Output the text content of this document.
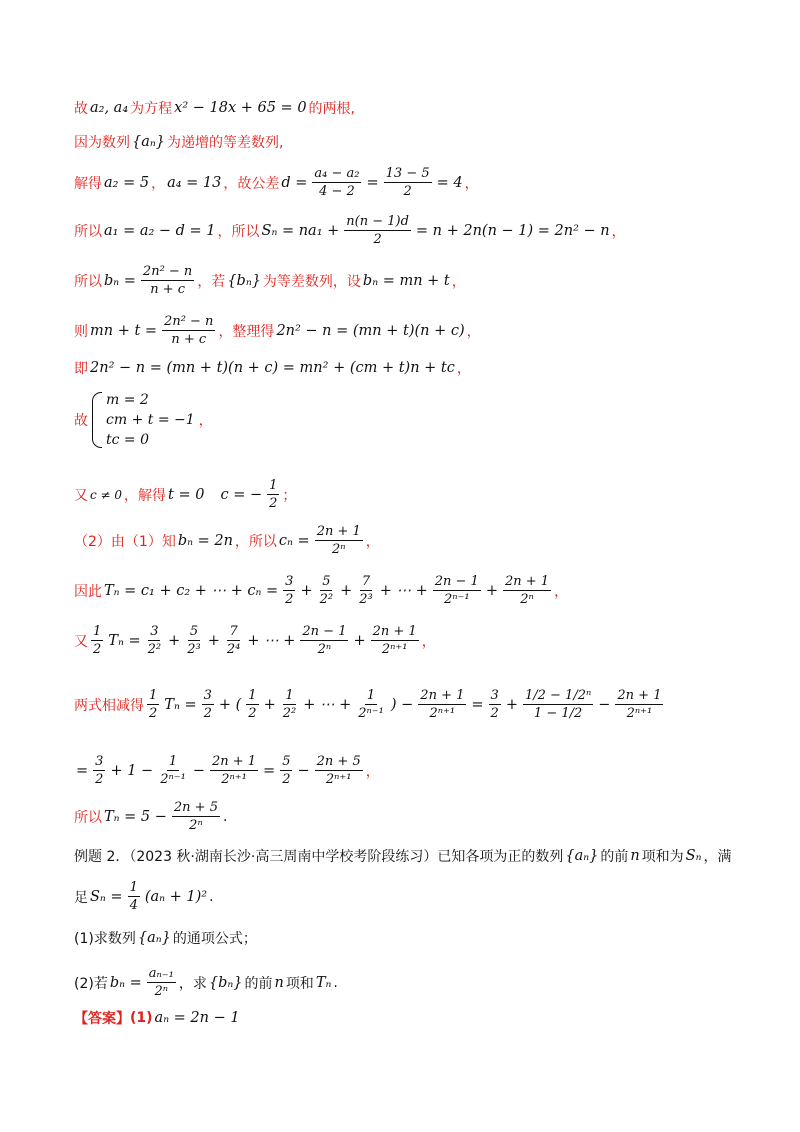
故 a₂, a₄ 为方程 x² − 18x + 65 = 0 的两根,
因为数列 {aₙ} 为递增的等差数列,
解得 a₂ = 5 ， a₄ = 13 ，故公差 $d = \frac{\text{a₄ − a₂}}{4 - 2} = \frac{13 - 5}{2} = 4$ ，
所以 a₁ = a₂ − d = 1 ，所以 $S_n = na_1 + \frac{n(n - 1)d}{2} = n + 2n(n - 1) = 2n^2 - n$ ，
所以 $b_n = \frac{\text{2n² − n}}{n + c}$ ，若 {bₙ} 为等差数列，设 bₙ = mn + t ，
则 mn + $t = \frac{\text{2n² − n}}{n + c}$ ，整理得 2n² − n = (mn + t)(n + c) ，
即 2n² − n = (mn + t)(n + c) = mn² + (cm + t)n + tc ，
故
m = 2
cm + t = −1
tc = 0
，
又 c ≠ 0 ，解得 t = 0 c = − $\frac{1}{2}$ ；
（2）由（1）知 bₙ = 2n ，所以 $c_n = \frac{2n + 1}{\text{2ⁿ}}$ ，
因此 Tₙ = c₁ + c₂ + ⋯ + $c_n = \frac{3}{2} + \frac{5}{\text{2²}} + \frac{7}{\text{2³}}$ + ⋯ + $\frac{2n - 1}{\text{2ⁿ⁻¹}} + \frac{2n + 1}{\text{2ⁿ}}$ ，
又 $\frac{1}{2}$ $T_n = \frac{3}{\text{2²}} + \frac{5}{\text{2³}} + \frac{7}{\text{2⁴}}$ + ⋯ + $\frac{2n - 1}{\text{2ⁿ}} + \frac{2n + 1}{\text{2ⁿ⁺¹}}$ ，
两式相减得 $\frac{1}{2}$ $T_n = \frac{3}{2}$ + ( $\frac{1}{2} + \frac{1}{\text{2²}}$ + ⋯ + $\frac{1}{\text{2ⁿ⁻¹}}$ ) − $\frac{2n + 1}{\text{2ⁿ⁺¹}} = \frac{3}{2} + \frac{\text{1/2 − 1/2ⁿ}}{1 - 1/2} - \frac{2n + 1}{\text{2ⁿ⁺¹}}$
= $\frac{3}{2} + 1 - \frac{1}{\text{2ⁿ⁻¹}} - \frac{2n + 1}{\text{2ⁿ⁺¹}} = \frac{5}{2} - \frac{2n + 5}{\text{2ⁿ⁺¹}}$ ，
所以 $T_n = 5 - \frac{2n + 5}{\text{2ⁿ}}$ .
例题 2．（2023 秋·湖南长沙·高三周南中学校考阶段练习）已知各项为正的数列 {aₙ} 的前 n 项和为 Sₙ ，满
足 $S_n = \frac{1}{4} (a_n + 1)^2$ .
(1)求数列 {aₙ} 的通项公式；
(2)若 $b_n = \frac{\text{aₙ₋₁}}{\text{2ⁿ}}$ ，求 {bₙ} 的前 n 项和 Tₙ .
【答案】 (1) aₙ = 2n − 1
